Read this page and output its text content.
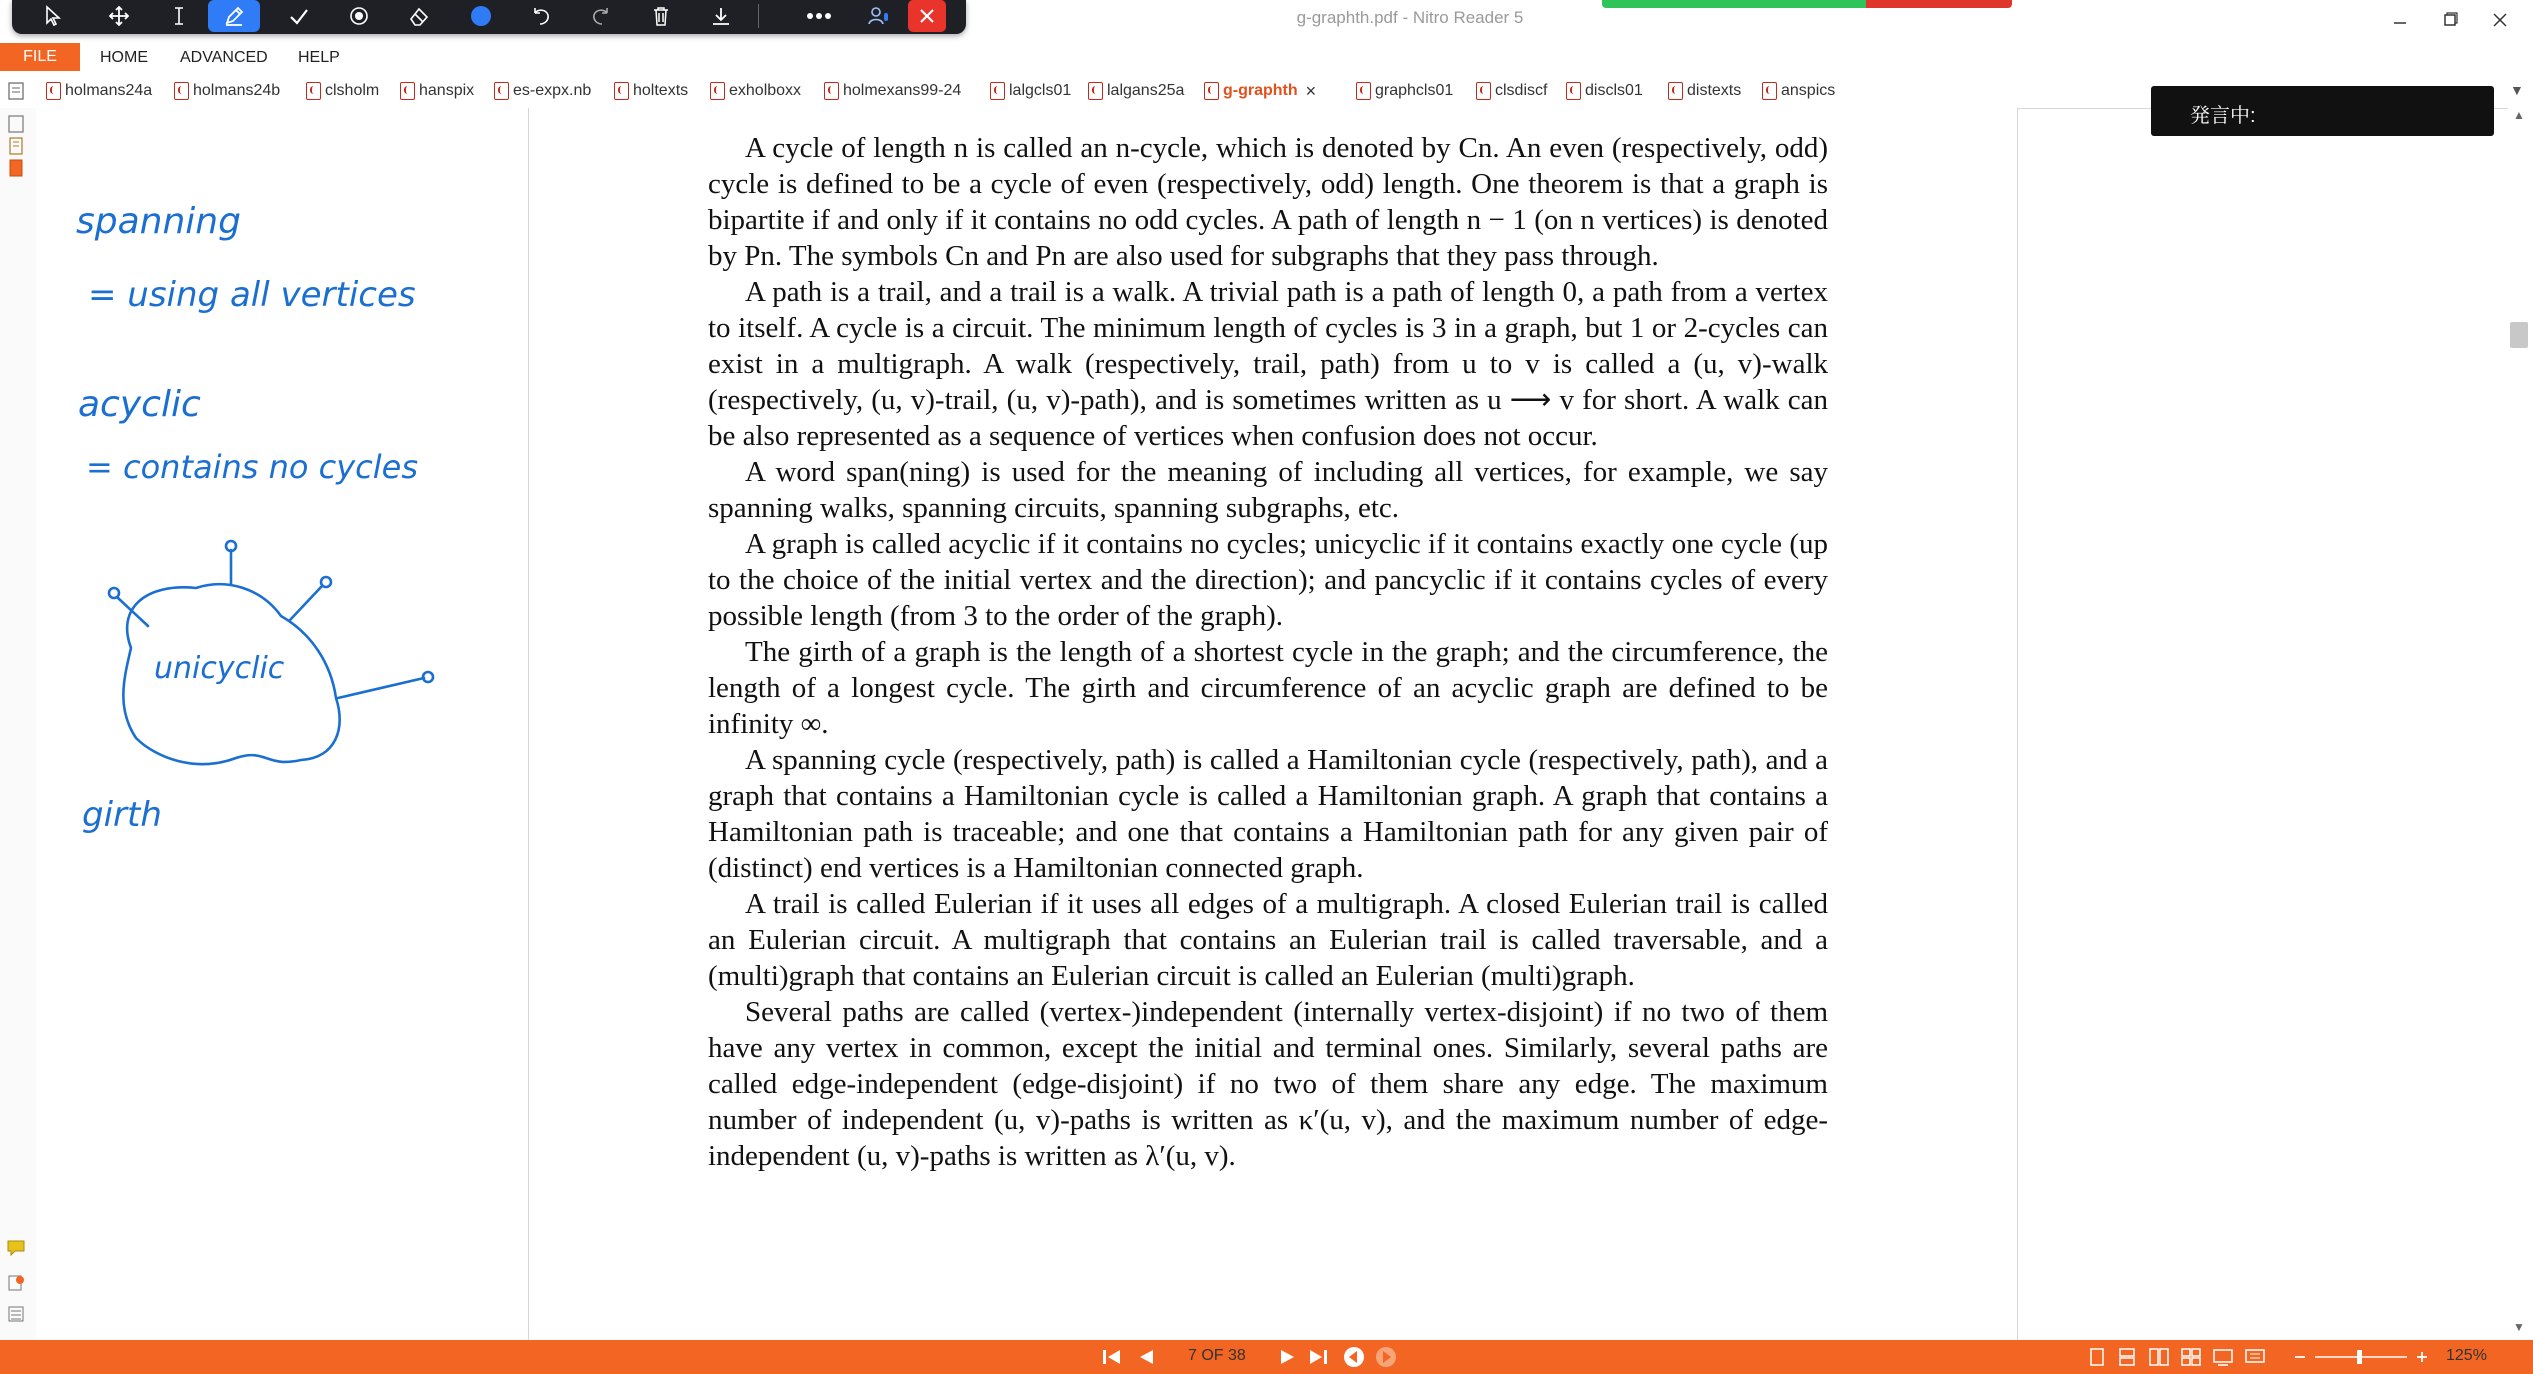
g-graphth.pdf - Nitro Reader 5
FILE	HOME ADVANCED HELP
holmans24a	holmans24b	clsholm hanspix es-expx.nb	holtexts	exholboxx	holmexans99-24	lalgcls01 lalgans25a g-graphth ×	graphcls01	clsdiscf discls01	distexts anspics	▼
spanning
= using all vertices
acyclic
= contains no cycles
unicyclic
girth

A cycle of length n is called an n-cycle, which is denoted by Cn. An even (respectively, odd) cycle is defined to be a cycle of even (respectively, odd) length. One theorem is that a graph is bipartite if and only if it contains no odd cycles. A path of length n − 1 (on n vertices) is denoted by Pn. The symbols Cn and Pn are also used for subgraphs that they pass through.

A path is a trail, and a trail is a walk. A trivial path is a path of length 0, a path from a vertex to itself. A cycle is a circuit. The minimum length of cycles is 3 in a graph, but 1 or 2-cycles can exist in a multigraph. A walk (respectively, trail, path) from u to v is called a (u, v)-walk (respectively, (u, v)-trail, (u, v)-path), and is sometimes written as u ⟶ v for short. A walk can be also represented as a sequence of vertices when confusion does not occur.

A word span(ning) is used for the meaning of including all vertices, for example, we say spanning walks, spanning circuits, spanning subgraphs, etc.

A graph is called acyclic if it contains no cycles; unicyclic if it contains exactly one cycle (up to the choice of the initial vertex and the direction); and pancyclic if it contains cycles of every possible length (from 3 to the order of the graph).

The girth of a graph is the length of a shortest cycle in the graph; and the circumference, the length of a longest cycle. The girth and circumference of an acyclic graph are defined to be infinity ∞.

A spanning cycle (respectively, path) is called a Hamiltonian cycle (respectively, path), and a graph that contains a Hamiltonian cycle is called a Hamiltonian graph. A graph that contains a Hamiltonian path is traceable; and one that contains a Hamiltonian path for any given pair of (distinct) end vertices is a Hamiltonian connected graph.

A trail is called Eulerian if it uses all edges of a multigraph. A closed Eulerian trail is called an Eulerian circuit. A multigraph that contains an Eulerian trail is called traversable, and a (multi)graph that contains an Eulerian circuit is called an Eulerian (multi)graph.

Several paths are called (vertex-)independent (internally vertex-disjoint) if no two of them have any vertex in common, except the initial and terminal ones. Similarly, several paths are called edge-independent (edge-disjoint) if no two of them share any edge. The maximum number of independent (u, v)-paths is written as κ′(u, v), and the maximum number of edge-independent (u, v)-paths is written as λ′(u, v).

発言中:	▲
▼
7 OF 38	125%
